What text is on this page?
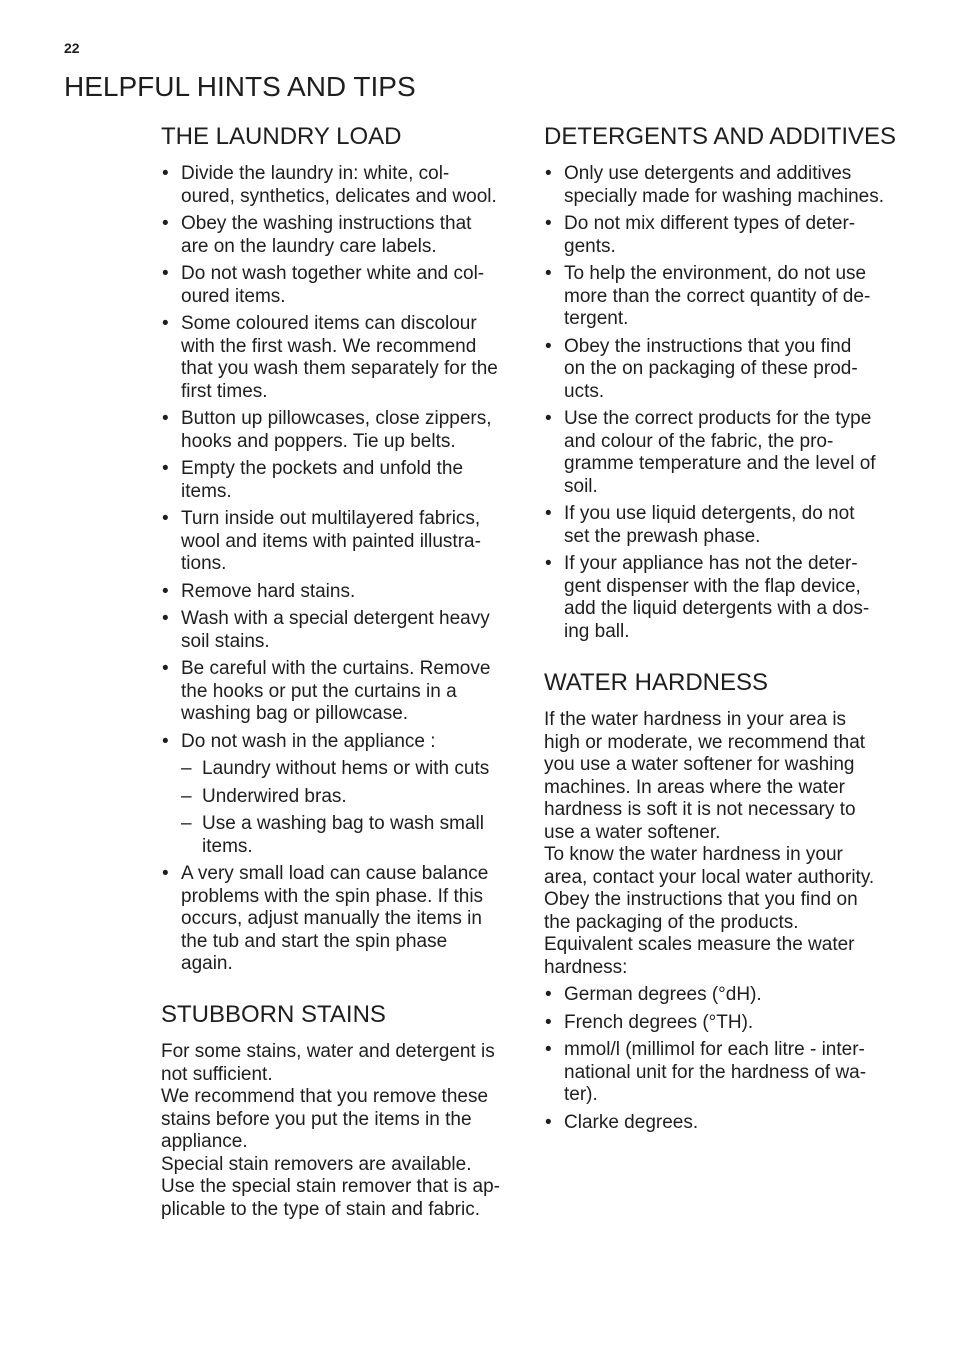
22
HELPFUL HINTS AND TIPS
THE LAUNDRY LOAD
• Divide the laundry in: white, col-
oured, synthetics, delicates and wool.
• Obey the washing instructions that
are on the laundry care labels.
• Do not wash together white and col-
oured items.
• Some coloured items can discolour
with the first wash. We recommend
that you wash them separately for the
first times.
• Button up pillowcases, close zippers,
hooks and poppers. Tie up belts.
• Empty the pockets and unfold the
items.
• Turn inside out multilayered fabrics,
wool and items with painted illustra-
tions.
• Remove hard stains.
• Wash with a special detergent heavy
soil stains.
• Be careful with the curtains. Remove
the hooks or put the curtains in a
washing bag or pillowcase.
• Do not wash in the appliance :
– Laundry without hems or with cuts
– Underwired bras.
– Use a washing bag to wash small
items.
• A very small load can cause balance
problems with the spin phase. If this
occurs, adjust manually the items in
the tub and start the spin phase
again.
STUBBORN STAINS

For some stains, water and detergent is
not sufficient.

We recommend that you remove these
stains before you put the items in the
appliance.

Special stain removers are available.

Use the special stain remover that is ap-
plicable to the type of stain and fabric.

DETERGENTS AND ADDITIVES
• Only use detergents and additives
specially made for washing machines.
• Do not mix different types of deter-
gents.
• To help the environment, do not use
more than the correct quantity of de-
tergent.
• Obey the instructions that you find
on the on packaging of these prod-
ucts.
• Use the correct products for the type
and colour of the fabric, the pro-
gramme temperature and the level of
soil.
• If you use liquid detergents, do not
set the prewash phase.
• If your appliance has not the deter-
gent dispenser with the flap device,
add the liquid detergents with a dos-
ing ball.
WATER HARDNESS

If the water hardness in your area is
high or moderate, we recommend that
you use a water softener for washing
machines. In areas where the water
hardness is soft it is not necessary to
use a water softener.

To know the water hardness in your
area, contact your local water authority.

Obey the instructions that you find on
the packaging of the products.

Equivalent scales measure the water
hardness:

• German degrees (°dH).
• French degrees (°TH).
• mmol/l (millimol for each litre - inter-
national unit for the hardness of wa-
ter).
• Clarke degrees.
